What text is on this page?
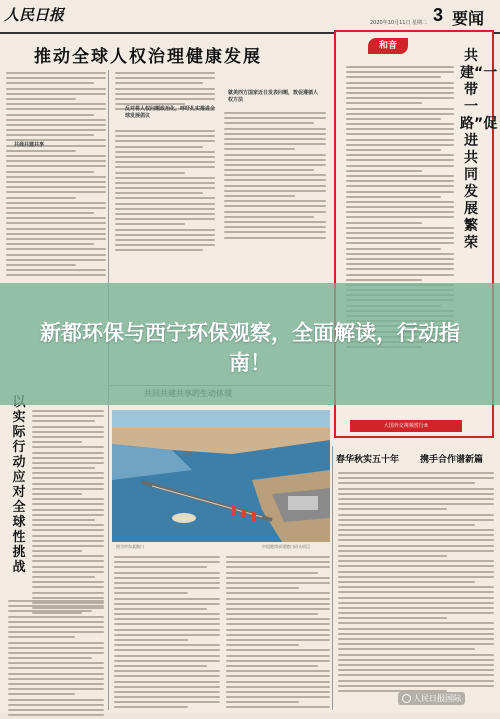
人民日报	2020年10月11日 星期二 3 要闻
推动全球人权治理健康发展
共商共建共享
反对将人权问题政治化，呼吁扎实推进全球发展倡议
就美西方国家近日发表问题，敦促遵循人权方法
和音
共建“一带一路”促进共同发展繁荣
大国外交视频赏行⑤
实际行动应对全球性挑战
图为中东某港口	中国港湾承建港口码头项目
春华秋实五十年 携手合作谱新篇
新都环保与西宁环保观察，全面解读，行动指南！
人民日报国际
